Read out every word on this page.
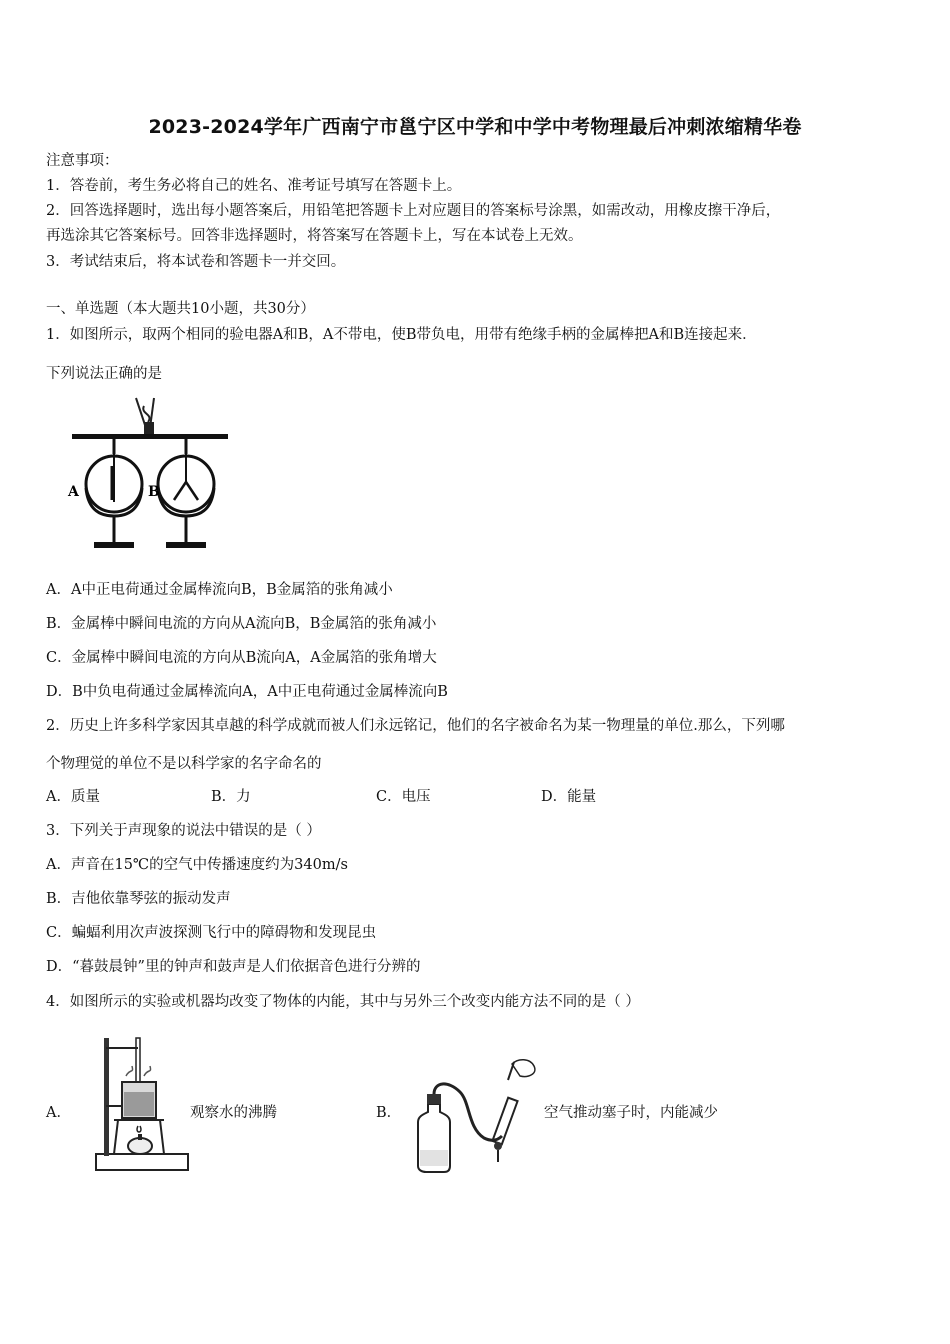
2023-2024学年广西南宁市邕宁区中学和中学中考物理最后冲刺浓缩精华卷
注意事项：
1．答卷前，考生务必将自己的姓名、准考证号填写在答题卡上。
2．回答选择题时，选出每小题答案后，用铅笔把答题卡上对应题目的答案标号涂黑，如需改动，用橡皮擦干净后，
再选涂其它答案标号。回答非选择题时，将答案写在答题卡上，写在本试卷上无效。
3．考试结束后，将本试卷和答题卡一并交回。
一、单选题（本大题共10小题，共30分）
1．如图所示，取两个相同的验电器A和B，A不带电，使B带负电，用带有绝缘手柄的金属棒把A和B连接起来．
下列说法正确的是
A	B
A．A中正电荷通过金属棒流向B，B金属箔的张角减小
B．金属棒中瞬间电流的方向从A流向B，B金属箔的张角减小
C．金属棒中瞬间电流的方向从B流向A，A金属箔的张角增大
D．B中负电荷通过金属棒流向A，A中正电荷通过金属棒流向B
2．历史上许多科学家因其卓越的科学成就而被人们永远铭记，他们的名字被命名为某一物理量的单位.那么，下列哪
个物理觉的单位不是以科学家的名字命名的
A．质量	B．力	C．电压	D．能量
3．下列关于声现象的说法中错误的是（ ）
A．声音在15℃的空气中传播速度约为340m/s
B．吉他依靠琴弦的振动发声
C．蝙蝠利用次声波探测飞行中的障碍物和发现昆虫
D．“暮鼓晨钟”里的钟声和鼓声是人们依据音色进行分辨的
4．如图所示的实验或机器均改变了物体的内能，其中与另外三个改变内能方法不同的是（ ）
A．	观察水的沸腾	B．	空气推动塞子时，内能减少
